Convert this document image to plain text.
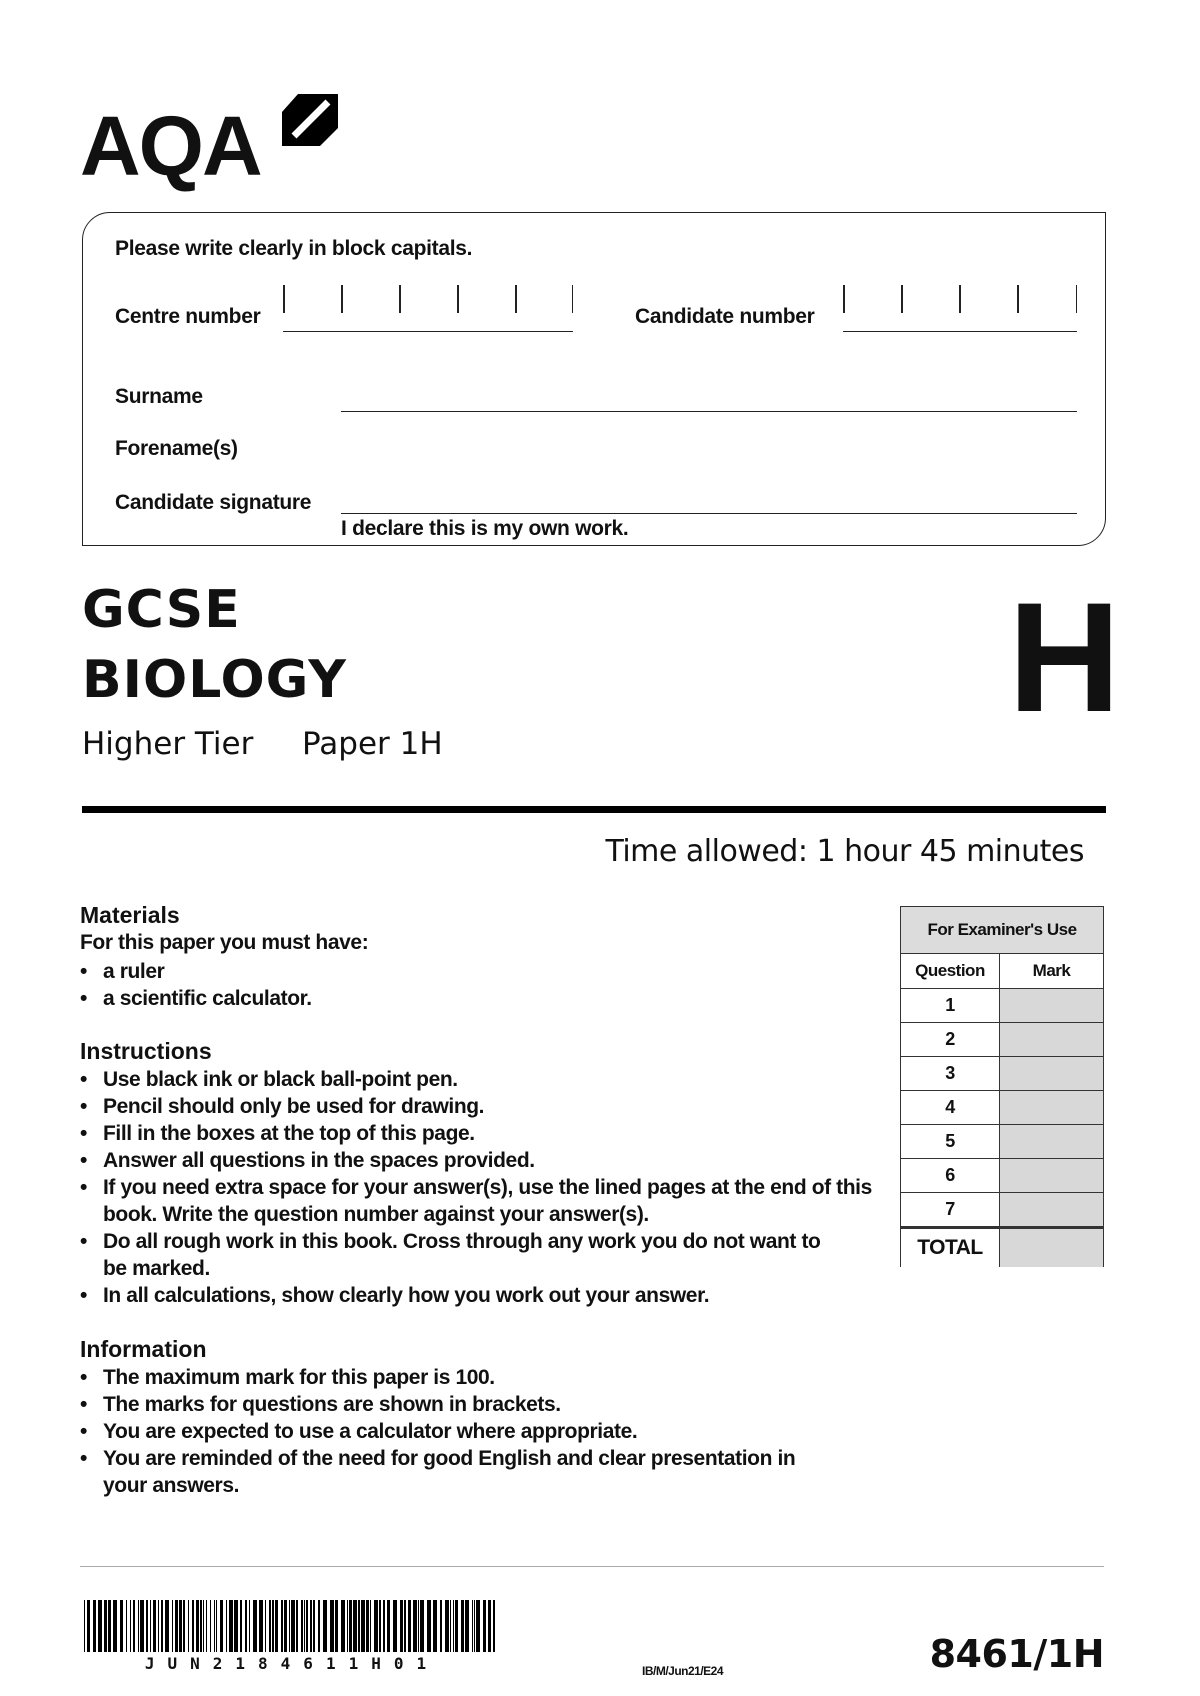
AQA
Please write clearly in block capitals.
Centre number	Candidate number
Surname
Forename(s)
Candidate signature
I declare this is my own work.
GCSE
BIOLOGY
Higher Tier Paper 1H	H
Time allowed: 1 hour 45 minutes
Materials
For this paper you must have:
• a ruler
• a scientific calculator.
Instructions
• Use black ink or black ball-point pen.
• Pencil should only be used for drawing.
• Fill in the boxes at the top of this page.
• Answer all questions in the spaces provided.
• If you need extra space for your answer(s), use the lined pages at the end of this book. Write the question number against your answer(s).
• Do all rough work in this book. Cross through any work you do not want to be marked.
• In all calculations, show clearly how you work out your answer.
Information
• The maximum mark for this paper is 100.
• The marks for questions are shown in brackets.
• You are expected to use a calculator where appropriate.
• You are reminded of the need for good English and clear presentation in your answers.
For Examiner's Use	
Question	Mark
1	
2	
3	
4	
5	
6	
7	
TOTAL	
JUN2184611H01	IB/M/Jun21/E24	8461/1H
